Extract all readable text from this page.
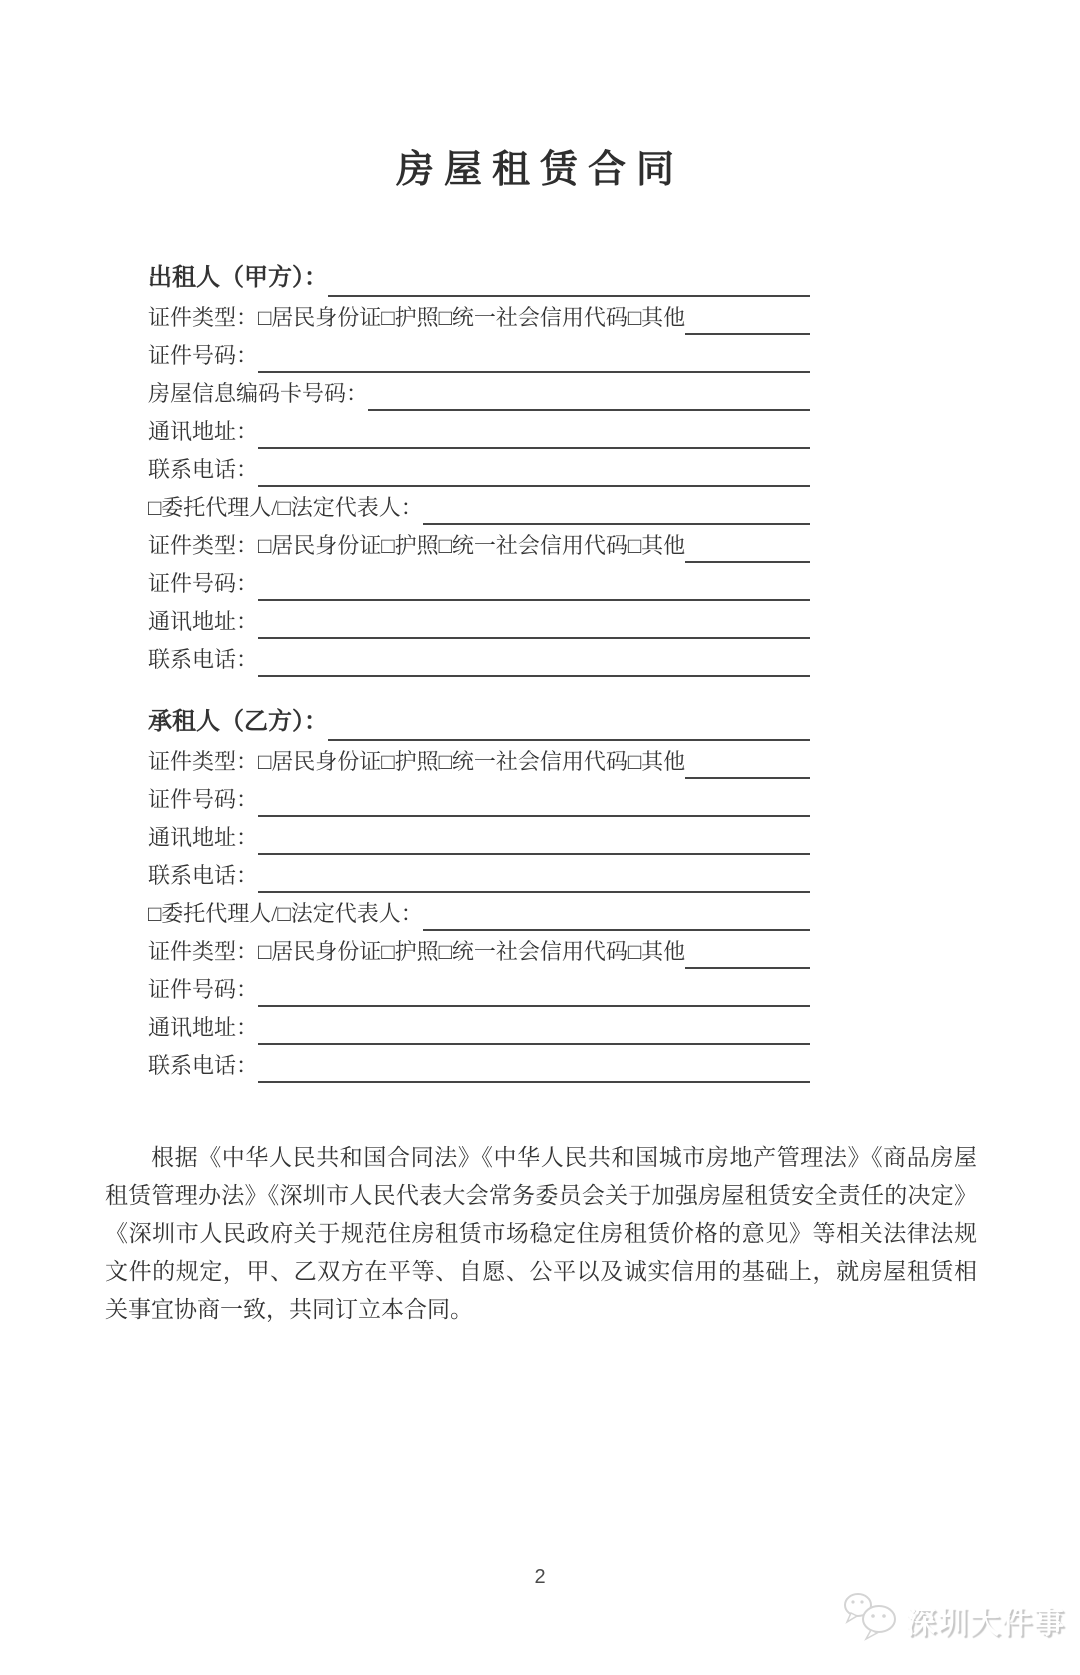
房屋租赁合同
出租人（甲方）：
证件类型： □居民身份证□护照□统一社会信用代码□其他
证件号码：
房屋信息编码卡号码：
通讯地址：
联系电话：
□委托代理人/□法定代表人：
证件类型： □居民身份证□护照□统一社会信用代码□其他
证件号码：
通讯地址：
联系电话：
承租人（乙方）：
证件类型： □居民身份证□护照□统一社会信用代码□其他
证件号码：
通讯地址：
联系电话：
□委托代理人/□法定代表人：
证件类型： □居民身份证□护照□统一社会信用代码□其他
证件号码：
通讯地址：
联系电话：

根据《中华人民共和国合同法》《中华人民共和国城市房地产管理法》《商品房屋租赁管理办法》《深圳市人民代表大会常务委员会关于加强房屋租赁安全责任的决定》《深圳市人民政府关于规范住房租赁市场稳定住房租赁价格的意见》等相关法律法规文件的规定，甲、乙双方在平等、自愿、公平以及诚实信用的基础上，就房屋租赁相关事宜协商一致，共同订立本合同。

2
深圳大件事
